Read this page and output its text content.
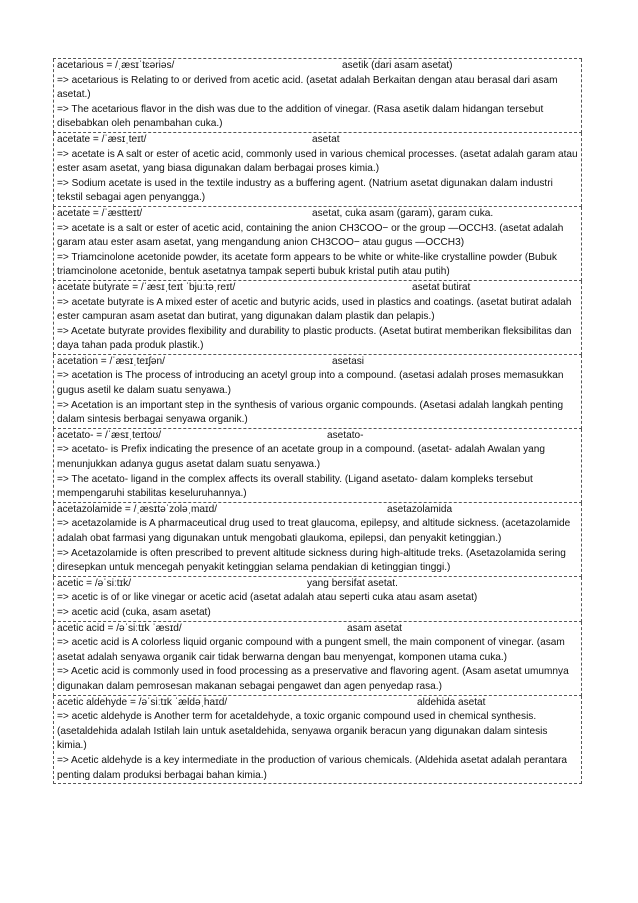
acetarious = /ˌæsɪˈtɛəriəs/	asetik (dari asam asetat)
=> acetarious is Relating to or derived from acetic acid. (asetat adalah Berkaitan dengan atau berasal dari asam asetat.)
=> The acetarious flavor in the dish was due to the addition of vinegar. (Rasa asetik dalam hidangan tersebut disebabkan oleh penambahan cuka.)
acetate = /ˈæsɪˌteɪt/	asetat
=> acetate is A salt or ester of acetic acid, commonly used in various chemical processes. (asetat adalah garam atau ester asam asetat, yang biasa digunakan dalam berbagai proses kimia.)
=> Sodium acetate is used in the textile industry as a buffering agent. (Natrium asetat digunakan dalam industri tekstil sebagai agen penyangga.)
acetate = /ˈæstteɪt/	asetat, cuka asam (garam), garam cuka.
=> acetate is a salt or ester of acetic acid, containing the anion CH3COO− or the group —OCCH3. (asetat adalah garam atau ester asam asetat, yang mengandung anion CH3COO− atau gugus —OCCH3)
=> Triamcinolone acetonide powder, its acetate form appears to be white or white-like crystalline powder (Bubuk triamcinolone acetonide, bentuk asetatnya tampak seperti bubuk kristal putih atau putih)
acetate butyrate = /ˈæsɪˌteɪt ˈbjuːtəˌreɪt/	asetat butirat
=> acetate butyrate is A mixed ester of acetic and butyric acids, used in plastics and coatings. (asetat butirat adalah ester campuran asam asetat dan butirat, yang digunakan dalam plastik dan pelapis.)
=> Acetate butyrate provides flexibility and durability to plastic products. (Asetat butirat memberikan fleksibilitas dan daya tahan pada produk plastik.)
acetation = /ˈæsɪˌteɪʃən/	asetasi
=> acetation is The process of introducing an acetyl group into a compound. (asetasi adalah proses memasukkan gugus asetil ke dalam suatu senyawa.)
=> Acetation is an important step in the synthesis of various organic compounds. (Asetasi adalah langkah penting dalam sintesis berbagai senyawa organik.)
acetato- = /ˈæsɪˌteɪtoʊ/	asetato-
=> acetato- is Prefix indicating the presence of an acetate group in a compound. (asetat- adalah Awalan yang menunjukkan adanya gugus asetat dalam suatu senyawa.)
=> The acetato- ligand in the complex affects its overall stability. (Ligand asetato- dalam kompleks tersebut mempengaruhi stabilitas keseluruhannya.)
acetazolamide = /ˌæsɪtəˈzoləˌmaɪd/	asetazolamida
=> acetazolamide is A pharmaceutical drug used to treat glaucoma, epilepsy, and altitude sickness. (acetazolamide adalah obat farmasi yang digunakan untuk mengobati glaukoma, epilepsi, dan penyakit ketinggian.)
=> Acetazolamide is often prescribed to prevent altitude sickness during high-altitude treks. (Asetazolamida sering diresepkan untuk mencegah penyakit ketinggian selama pendakian di ketinggian tinggi.)
acetic = /əˈsiːtɪk/	yang bersifat asetat.
=> acetic is of or like vinegar or acetic acid (asetat adalah atau seperti cuka atau asam asetat)
=> acetic acid (cuka, asam asetat)
acetic acid = /əˈsiːtɪk ˈæsɪd/	asam asetat
=> acetic acid is A colorless liquid organic compound with a pungent smell, the main component of vinegar. (asam asetat adalah senyawa organik cair tidak berwarna dengan bau menyengat, komponen utama cuka.)
=> Acetic acid is commonly used in food processing as a preservative and flavoring agent. (Asam asetat umumnya digunakan dalam pemrosesan makanan sebagai pengawet dan agen penyedap rasa.)
acetic aldehyde = /əˈsiːtɪk ˈældəˌhaɪd/	aldehida asetat
=> acetic aldehyde is Another term for acetaldehyde, a toxic organic compound used in chemical synthesis. (asetaldehida adalah Istilah lain untuk asetaldehida, senyawa organik beracun yang digunakan dalam sintesis kimia.)
=> Acetic aldehyde is a key intermediate in the production of various chemicals. (Aldehida asetat adalah perantara penting dalam produksi berbagai bahan kimia.)
